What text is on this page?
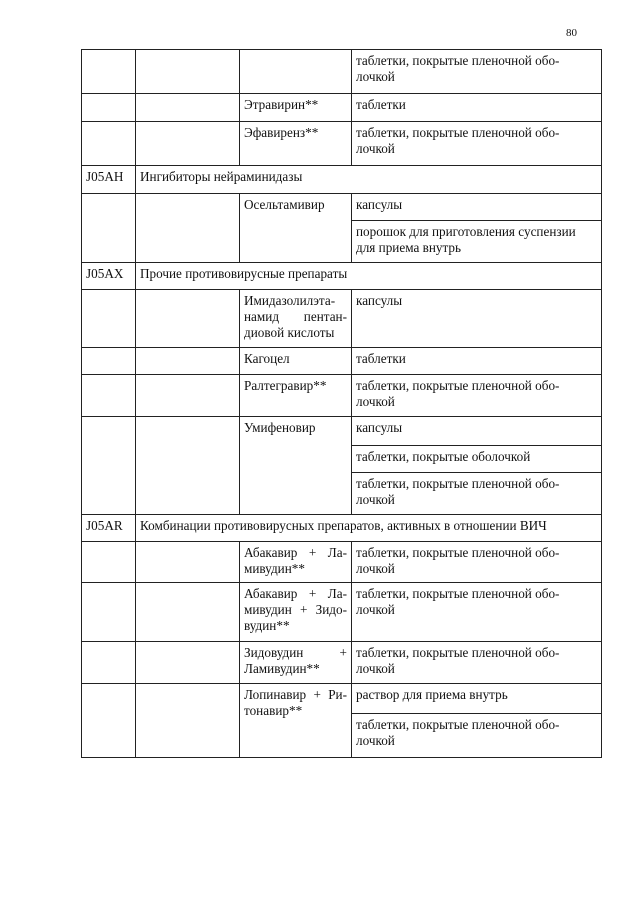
80
			таблетки, покрытые пленочной обо- лочкой
		Этравирин**	таблетки
		Эфавиренз**	таблетки, покрытые пленочной обо- лочкой
J05AH	Ингибиторы нейраминидазы		
		Осельтамивир	капсулы
			порошок для приготовления суспензии для приема внутрь
J05AX	Прочие противовирусные препараты		
		Имидазолилэта- намид пентан- диовой кислоты	капсулы
		Кагоцел	таблетки
		Ралтегравир**	таблетки, покрытые пленочной обо- лочкой
		Умифеновир	капсулы
			таблетки, покрытые оболочкой
			таблетки, покрытые пленочной обо- лочкой
J05AR	Комбинации противовирусных препаратов, активных в отношении ВИЧ		
		Абакавир + Ла- мивудин**	таблетки, покрытые пленочной обо- лочкой
		Абакавир + Ла- мивудин + Зидо- вудин**	таблетки, покрытые пленочной обо- лочкой
		Зидовудин + Ламивудин**	таблетки, покрытые пленочной обо- лочкой
		Лопинавир + Ри- тонавир**	раствор для приема внутрь
			таблетки, покрытые пленочной обо- лочкой
